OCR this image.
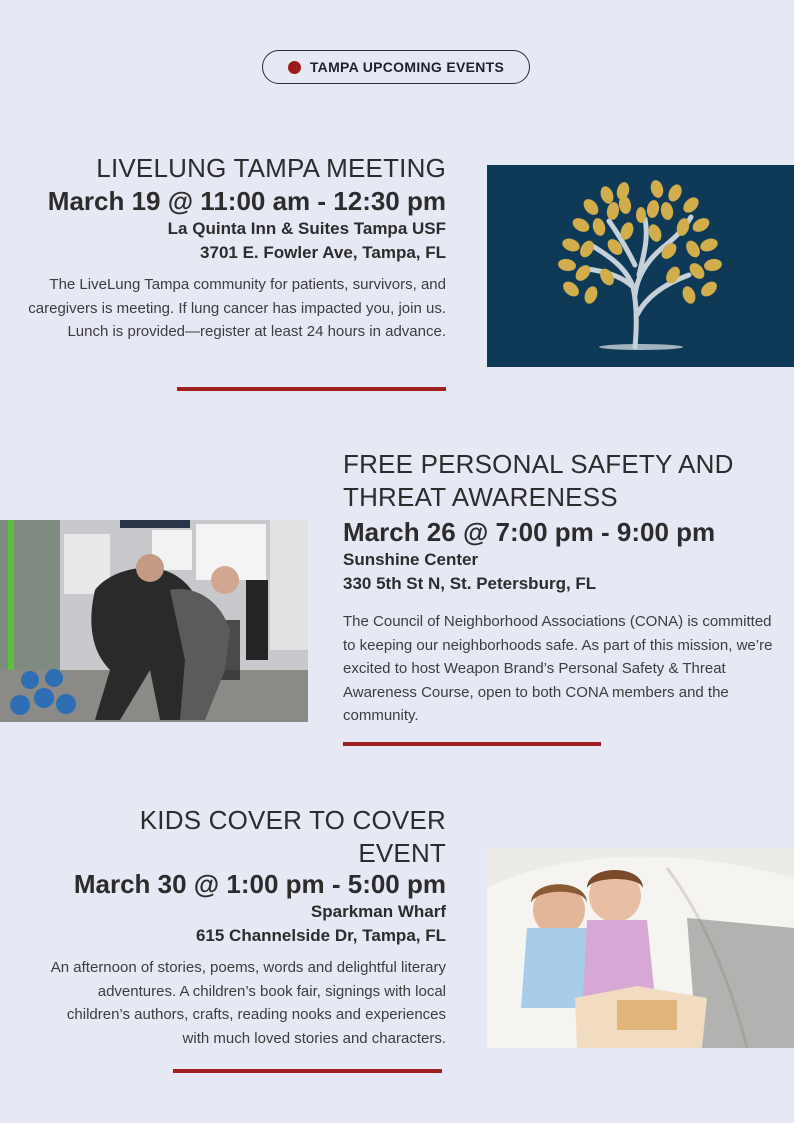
TAMPA UPCOMING EVENTS
LIVELUNG TAMPA MEETING
March 19 @ 11:00 am - 12:30 pm
La Quinta Inn & Suites Tampa USF
3701 E. Fowler Ave, Tampa, FL
The LiveLung Tampa community for patients, survivors, and caregivers is meeting. If lung cancer has impacted you, join us. Lunch is provided—register at least 24 hours in advance.
FREE PERSONAL SAFETY AND
THREAT AWARENESS
March 26 @ 7:00 pm - 9:00 pm
Sunshine Center
330 5th St N, St. Petersburg, FL
The Council of Neighborhood Associations (CONA) is committed to keeping our neighborhoods safe. As part of this mission, we’re excited to host Weapon Brand’s Personal Safety & Threat Awareness Course, open to both CONA members and the community.
KIDS COVER TO COVER
EVENT
March 30 @ 1:00 pm - 5:00 pm
Sparkman Wharf
615 Channelside Dr, Tampa, FL
An afternoon of stories, poems, words and delightful literary adventures. A children’s book fair, signings with local children’s authors, crafts, reading nooks and experiences with much loved stories and characters.
